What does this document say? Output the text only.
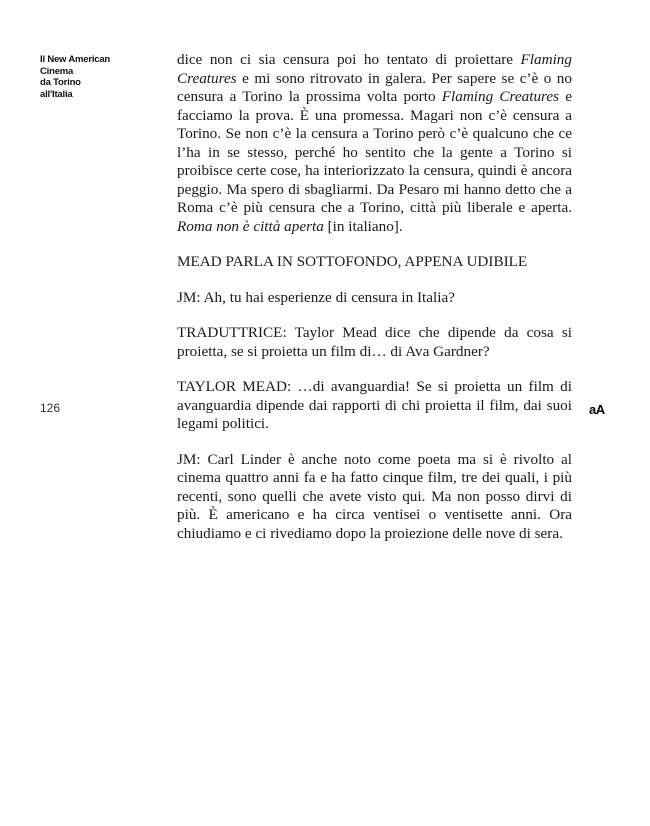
Il New American
Cinema
da Torino
all'Italia
126	aA

dice non ci sia censura poi ho tentato di proiettare Flaming Creatures e mi sono ritrovato in galera. Per sapere se c’è o no censura a Torino la prossima volta porto Flaming Creatures e facciamo la prova. È una promessa. Magari non c’è censura a Torino. Se non c’è la censura a Torino però c’è qualcuno che ce l’ha in se stesso, perché ho sentito che la gente a Torino si proibisce certe cose, ha interiorizzato la censura, quindi è ancora peggio. Ma spero di sbagliarmi. Da Pesaro mi hanno detto che a Roma c’è più censura che a Torino, città più liberale e aperta. Roma non è città aperta [in italiano].

MEAD PARLA IN SOTTOFONDO, APPENA UDIBILE

JM: Ah, tu hai esperienze di censura in Italia?

TRADUTTRICE: Taylor Mead dice che dipende da cosa si proietta, se si proietta un film di… di Ava Gardner?

TAYLOR MEAD: …di avanguardia! Se si proietta un film di avanguardia dipende dai rapporti di chi proietta il film, dai suoi legami politici.

JM: Carl Linder è anche noto come poeta ma si è rivolto al cinema quattro anni fa e ha fatto cinque film, tre dei quali, i più recenti, sono quelli che avete visto qui. Ma non posso dirvi di più. È americano e ha circa ventisei o ventisette anni. Ora chiudiamo e ci rivediamo dopo la proiezione delle nove di sera.
